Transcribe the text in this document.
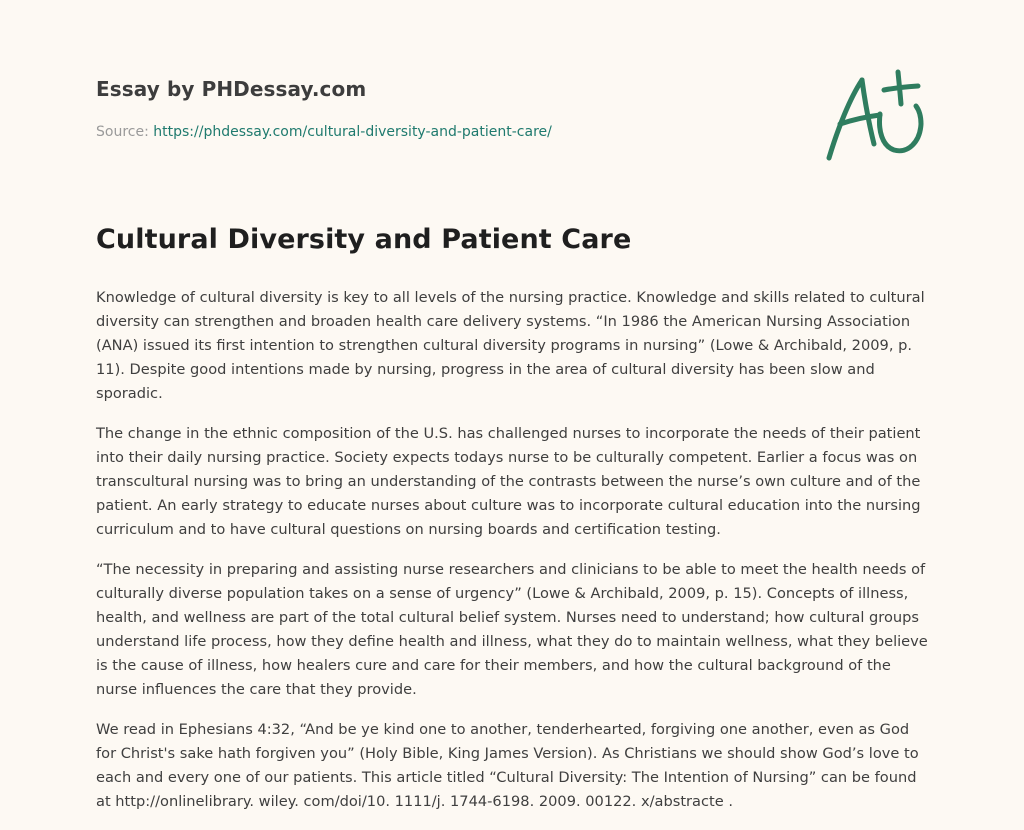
Essay by PHDessay.com
Source: https://phdessay.com/cultural-diversity-and-patient-care/
Cultural Diversity and Patient Care

Knowledge of cultural diversity is key to all levels of the nursing practice. Knowledge and skills related to cultural diversity can strengthen and broaden health care delivery systems. “In 1986 the American Nursing Association (ANA) issued its first intention to strengthen cultural diversity programs in nursing” (Lowe & Archibald, 2009, p. 11). Despite good intentions made by nursing, progress in the area of cultural diversity has been slow and sporadic.

The change in the ethnic composition of the U.S. has challenged nurses to incorporate the needs of their patient into their daily nursing practice. Society expects todays nurse to be culturally competent. Earlier a focus was on transcultural nursing was to bring an understanding of the contrasts between the nurse’s own culture and of the patient. An early strategy to educate nurses about culture was to incorporate cultural education into the nursing curriculum and to have cultural questions on nursing boards and certification testing.

“The necessity in preparing and assisting nurse researchers and clinicians to be able to meet the health needs of culturally diverse population takes on a sense of urgency” (Lowe & Archibald, 2009, p. 15). Concepts of illness, health, and wellness are part of the total cultural belief system. Nurses need to understand; how cultural groups understand life process, how they define health and illness, what they do to maintain wellness, what they believe is the cause of illness, how healers cure and care for their members, and how the cultural background of the nurse influences the care that they provide.

We read in Ephesians 4:32, “And be ye kind one to another, tenderhearted, forgiving one another, even as God for Christ's sake hath forgiven you” (Holy Bible, King James Version). As Christians we should show God’s love to each and every one of our patients. This article titled “Cultural Diversity: The Intention of Nursing” can be found at http://onlinelibrary. wiley. com/doi/10. 1111/j. 1744-6198. 2009. 00122. x/abstracte .
